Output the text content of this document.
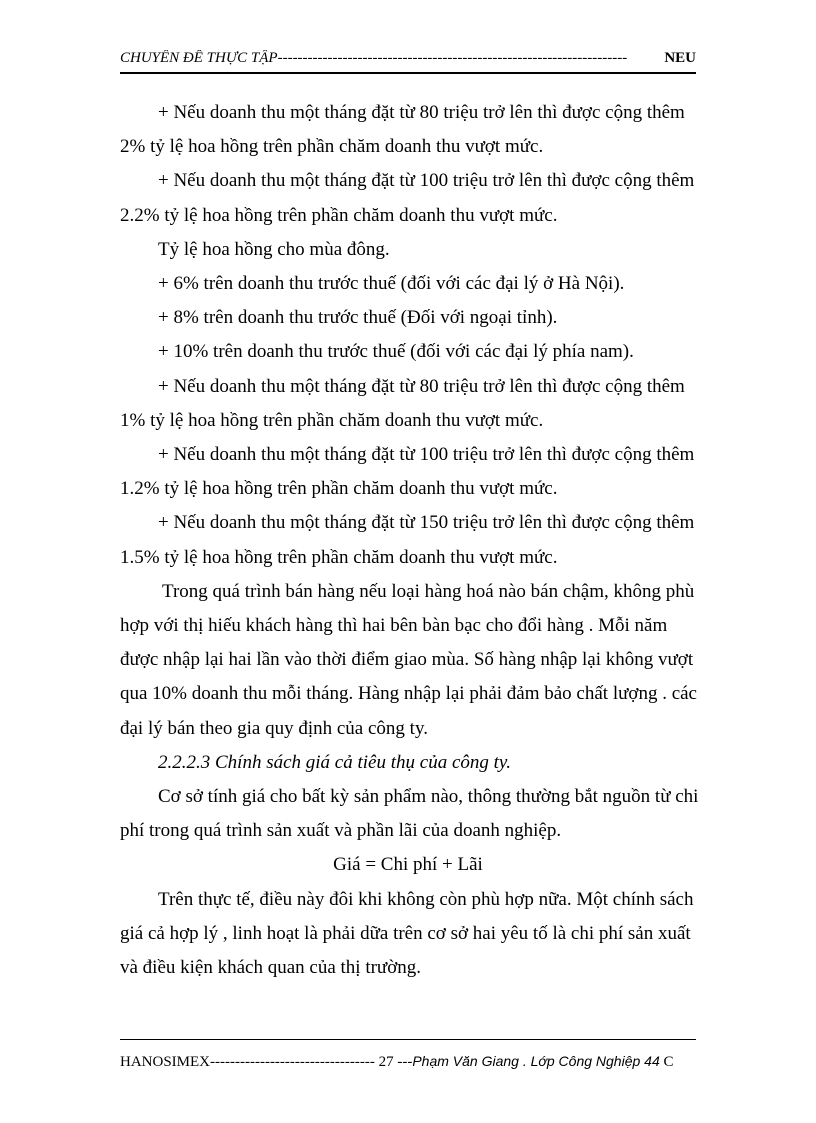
CHUYÊN ĐỀ THỰC TẬP---------------------------------------------------------------------- NEU

+ Nếu doanh thu một tháng đặt từ 80 triệu trở lên thì được cộng thêm

2% tỷ lệ hoa hồng trên phần chăm doanh thu vượt mức.

+ Nếu doanh thu một tháng đặt từ 100 triệu trở lên thì được cộng thêm

2.2% tỷ lệ hoa hồng trên phần chăm doanh thu vượt mức.

Tỷ lệ hoa hồng cho mùa đông.

+ 6% trên doanh thu trước thuế (đối với các đại lý ở Hà Nội).

+ 8% trên doanh thu trước thuế (Đối với ngoại tỉnh).

+ 10% trên doanh thu trước thuế (đối với các đại lý phía nam).

+ Nếu doanh thu một tháng đặt từ 80 triệu trở lên thì được cộng thêm

1% tỷ lệ hoa hồng trên phần chăm doanh thu vượt mức.

+ Nếu doanh thu một tháng đặt từ 100 triệu trở lên thì được cộng thêm

1.2% tỷ lệ hoa hồng trên phần chăm doanh thu vượt mức.

+ Nếu doanh thu một tháng đặt từ 150 triệu trở lên thì được cộng thêm

1.5% tỷ lệ hoa hồng trên phần chăm doanh thu vượt mức.

Trong quá trình bán hàng nếu loại hàng hoá nào bán chậm, không phù

hợp với thị hiếu khách hàng thì hai bên bàn bạc cho đổi hàng . Mỗi năm

được nhập lại hai lần vào thời điểm giao mùa. Số hàng nhập lại không vượt

qua 10% doanh thu mỗi tháng. Hàng nhập lại phải đảm bảo chất lượng . các

đại lý bán theo gia quy định của công ty.

2.2.2.3 Chính sách giá cả tiêu thụ của công ty.

Cơ sở tính giá cho bất kỳ sản phẩm nào, thông thường bắt nguồn từ chi

phí trong quá trình sản xuất và phần lãi của doanh nghiệp.

Giá = Chi phí + Lãi

Trên thực tế, điều này đôi khi không còn phù hợp nữa. Một chính sách

giá cả hợp lý , linh hoạt là phải dữa trên cơ sở hai yêu tố là chi phí sản xuất

và điều kiện khách quan của thị trường.

HANOSIMEX--------------------------------- 27 ---Phạm Văn Giang . Lớp Công Nghiệp 44 C
